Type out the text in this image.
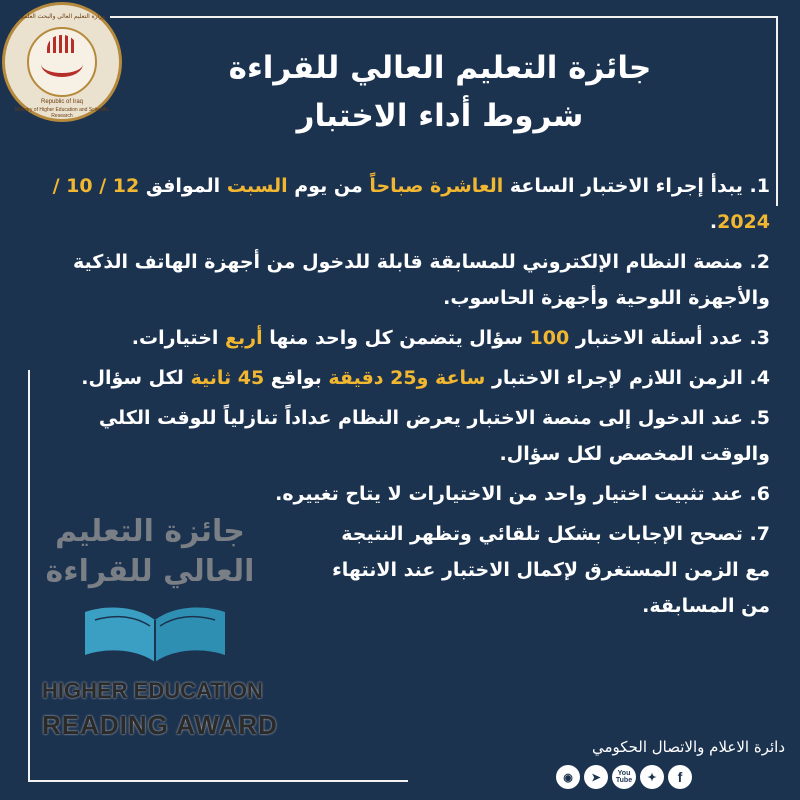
وزارة التعليم العالي والبحث العلمي
Republic of Iraq
Ministry of Higher Education and Scientific Research
جائزة التعليم العالي للقراءة
شروط أداء الاختبار

1. يبدأ إجراء الاختبار الساعة العاشرة صباحاً من يوم السبت الموافق 12 / 10 / 2024.

2. منصة النظام الإلكتروني للمسابقة قابلة للدخول من أجهزة الهاتف الذكية والأجهزة اللوحية وأجهزة الحاسوب.

3. عدد أسئلة الاختبار 100 سؤال يتضمن كل واحد منها أربع اختيارات.

4. الزمن اللازم لإجراء الاختبار ساعة و25 دقيقة بواقع 45 ثانية لكل سؤال.

5. عند الدخول إلى منصة الاختبار يعرض النظام عداداً تنازلياً للوقت الكلي والوقت المخصص لكل سؤال.

6. عند تثبيت اختيار واحد من الاختيارات لا يتاح تغييره.

7. تصحح الإجابات بشكل تلقائي وتظهر النتيجة مع الزمن المستغرق لإكمال الاختبار عند الانتهاء من المسابقة.

جائزة التعليم
العالي للقراءة
HIGHER EDUCATION
READING AWARD
دائرة الاعلام والاتصال الحكومي
◉	➤	You Tube	✦	f
